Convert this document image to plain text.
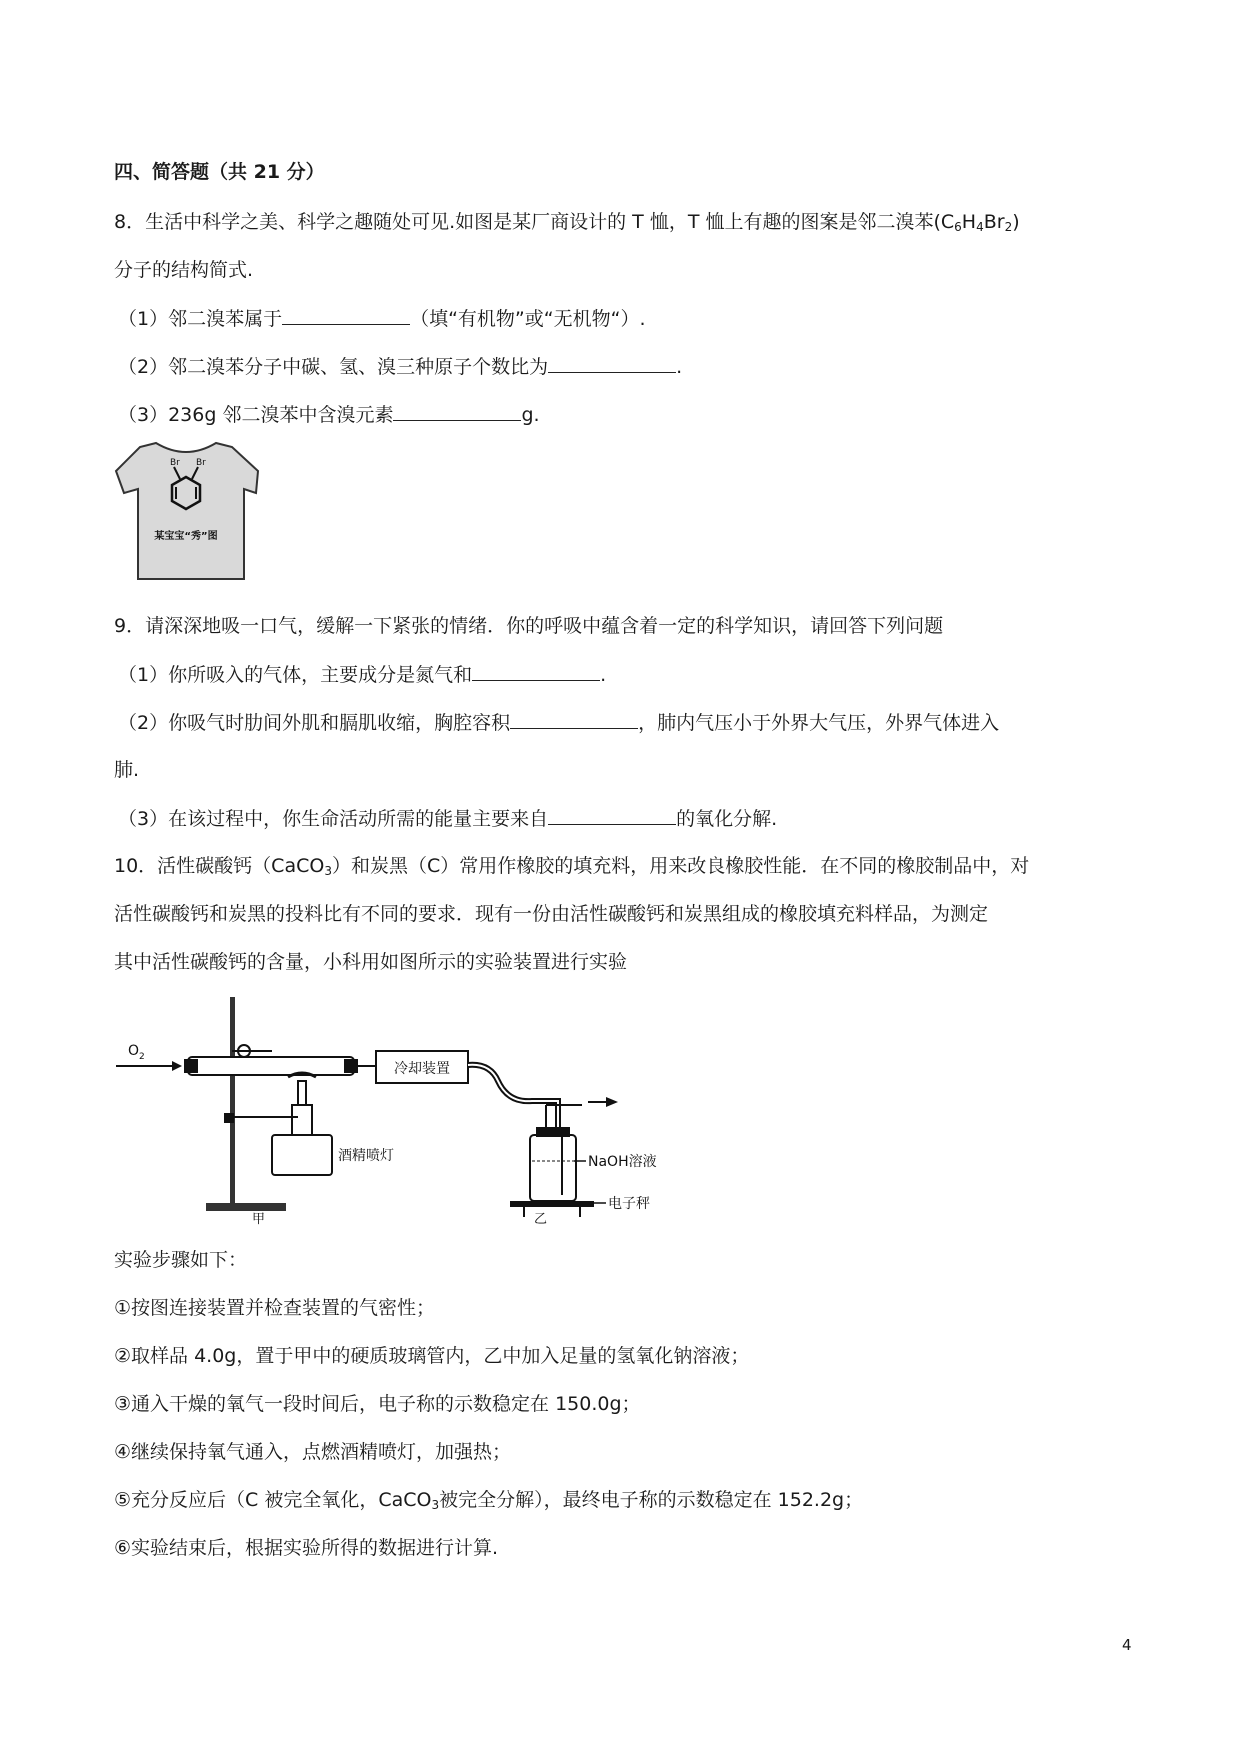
四、简答题（共 21 分）
8．生活中科学之美、科学之趣随处可见.如图是某厂商设计的 T 恤，T 恤上有趣的图案是邻二溴苯$(C_6H_4Br_2)$
分子的结构简式.
（1）邻二溴苯属于	（填“有机物”或“无机物“）.
（2）邻二溴苯分子中碳、氢、溴三种原子个数比为	.
（3）236g 邻二溴苯中含溴元素	g.
Br Br
某宝宝“秀”图
9．请深深地吸一口气，缓解一下紧张的情绪．你的呼吸中蕴含着一定的科学知识，请回答下列问题
（1）你所吸入的气体，主要成分是氮气和	.
（2）你吸气时肋间外肌和膈肌收缩，胸腔容积	，肺内气压小于外界大气压，外界气体进入
肺.
（3）在该过程中，你生命活动所需的能量主要来自	的氧化分解.
10．活性碳酸钙（CaCO$_3$）和炭黑（C）常用作橡胶的填充料，用来改良橡胶性能．在不同的橡胶制品中，对
活性碳酸钙和炭黑的投料比有不同的要求．现有一份由活性碳酸钙和炭黑组成的橡胶填充料样品，为测定
其中活性碳酸钙的含量，小科用如图所示的实验装置进行实验
$O_2$
酒精喷灯
冷却装置
NaOH溶液
电子秤
甲	乙
实验步骤如下：
①按图连接装置并检查装置的气密性；
②取样品 4.0g，置于甲中的硬质玻璃管内，乙中加入足量的氢氧化钠溶液；
③通入干燥的氧气一段时间后，电子称的示数稳定在 150.0g；
④继续保持氧气通入，点燃酒精喷灯，加强热；
⑤充分反应后（C 被完全氧化，CaCO$_3$被完全分解），最终电子称的示数稳定在 152.2g；
⑥实验结束后，根据实验所得的数据进行计算.
4
